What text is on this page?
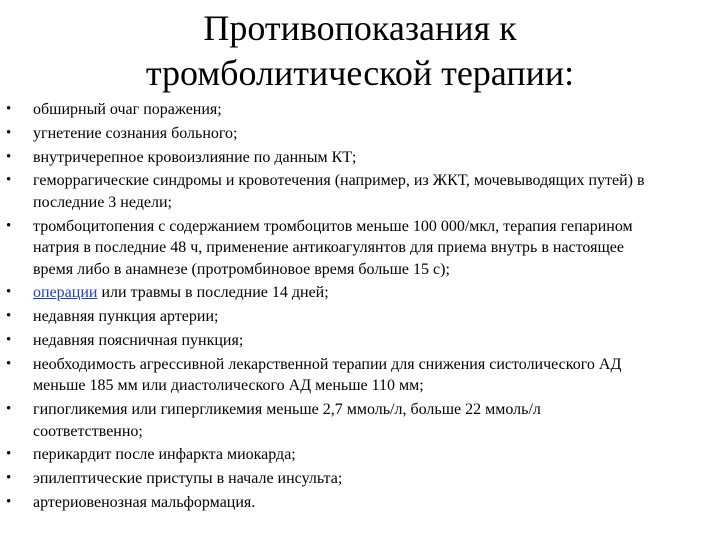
Противопоказания к
тромболитической терапии:
• обширный очаг поражения;
• угнетение сознания больного;
• внутричерепное кровоизлияние по данным КТ;
• геморрагические синдромы и кровотечения (например, из ЖКТ, мочевыводящих путей) в
последние 3 недели;
• тромбоцитопения с содержанием тромбоцитов меньше 100 000/мкл, терапия гепарином
натрия в последние 48 ч, применение антикоагулянтов для приема внутрь в настоящее
время либо в анамнезе (протромбиновое время больше 15 с);
• операции или травмы в последние 14 дней;
• недавняя пункция артерии;
• недавняя поясничная пункция;
• необходимость агрессивной лекарственной терапии для снижения систолического АД
меньше 185 мм или диастолического АД меньше 110 мм;
• гипогликемия или гипергликемия меньше 2,7 ммоль/л, больше 22 ммоль/л
соответственно;
• перикардит после инфаркта миокарда;
• эпилептические приступы в начале инсульта;
• артериовенозная мальформация.
